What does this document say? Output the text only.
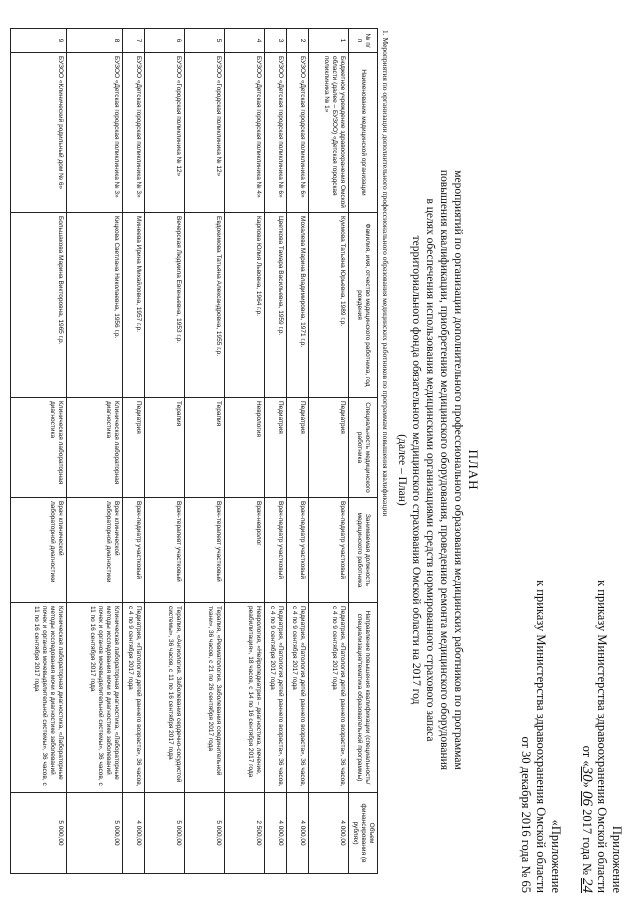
Приложение
к приказу Министерства здравоохранения Омской области
от «30» 06 2017 года № 24
«Приложение
к приказу Министерства здравоохранения Омской области
от 30 декабря 2016 года № 65
ПЛАН
мероприятий по организации дополнительного профессионального образования медицинских работников по программам
повышения квалификации, приобретению медицинского оборудования, проведению ремонта медицинского оборудования
в целях обеспечения использования медицинскими организациями средств нормированного страхового запаса
территориального фонда обязательного медицинского страхования Омской области на 2017 год
(далее – План)
1. Мероприятия по организации дополнительного профессионального образования медицинских работников по программам повышения квалификации
№ п/п	Наименование медицинской организации	Фамилия, имя, отчество медицинского работника, год рождения	Специальность медицинского работника	Занимаемая должность медицинского работника	Направление повышения квалификации (специальность/специализация/тематика образовательной программы)	Объем финансирования (в рублях)
1	Бюджетное учреждение здравоохранения Омской области (далее – БУЗОО) «Детская городская поликлиника № 1»	Куимова Татьяна Юрьевна, 1989 г.р.	Педиатрия	Врач-педиатр участковый	Педиатрия, «Патология детей раннего возраста», 36 часов, с 4 по 9 сентября 2017 года	4 000,00
2	БУЗОО «Детская городская поликлиника № 6»	Мохалева Марина Владимировна, 1971 г.р.	Педиатрия	Врач-педиатр участковый	Педиатрия, «Патология детей раннего возраста», 36 часов, с 4 по 9 сентября 2017 года	4 000,00
3	БУЗОО «Детская городская поликлиника № 6»	Цветкова Тамара Васильевна, 1959 г.р.	Педиатрия	Врач-педиатр участковый	Педиатрия, «Патология детей раннего возраста», 36 часов, с 4 по 9 сентября 2017 года	4 000,00
4	БУЗОО «Детская городская поликлиника № 4»	Карпова Юлия Львовна, 1964 г.р.	Неврология	Врач-невролог	Неврология, «Нейропедиатрия – диагностика, лечение, реабилитация», 18 часов, с 14 по 16 сентября 2017 года	2 500,00
5	БУЗОО «Городская поликлиника № 12»	Евдокимова Татьяна Александровна, 1955 г.р.	Терапия	Врач-терапевт участковый	Терапия, «Ревматология. Заболевания соединительной ткани», 36 часов, с 21 по 26 сентября 2017 года	5 000,00
6	БУЗОО «Городская поликлиника № 12»	Вечерская Людмила Евгеньевна, 1953 г.р.	Терапия	Врач-терапевт участковый	Терапия, «Ангиология. Заболевания сердечно-сосудистой системы», 36 часов, с 11 по 16 сентября 2017 года	5 000,00
7	БУЗОО «Детская городская поликлиника № 3»	Минеева Ирина Михайловна, 1957 г.р.	Педиатрия	Врач-педиатр участковый	Педиатрия, «Патология детей раннего возраста», 36 часов, с 4 по 9 сентября 2017 года	4 000,00
8	БУЗОО «Детская городская поликлиника № 3»	Кицкова Светлана Николаевна, 1956 г.р.	Клиническая лабораторная диагностика	Врач клинической лабораторной диагностики	Клиническая лабораторная диагностика, «Лабораторные методы исследования мочи в диагностике заболеваний почек и органов мочевыделительной системы», 36 часов, с 11 по 16 сентября 2017 года	5 000,00
9	БУЗОО «Клинический родильный дом № 6»	Большакова Марина Викторовна, 1965 г.р.	Клиническая лабораторная диагностика	Врач клинической лабораторной диагностики	Клиническая лабораторная диагностика, «Лабораторные методы исследования мочи в диагностике заболеваний почек и органов мочевыделительной системы», 36 часов, с 11 по 16 сентября 2017 года	5 000,00
